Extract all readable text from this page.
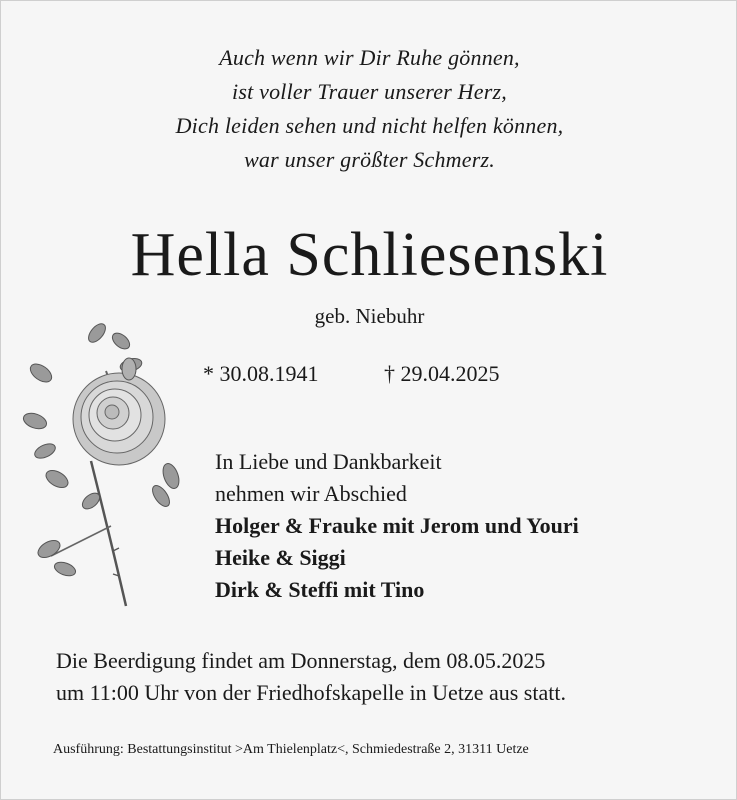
Auch wenn wir Dir Ruhe gönnen,
ist voller Trauer unserer Herz,
Dich leiden sehen und nicht helfen können,
war unser größter Schmerz.
Hella Schliesenski
geb. Niebuhr
* 30.08.1941	† 29.04.2025
In Liebe und Dankbarkeit
nehmen wir Abschied
Holger & Frauke mit Jerom und Youri
Heike & Siggi
Dirk & Steffi mit Tino
Die Beerdigung findet am Donnerstag, dem 08.05.2025
um 11:00 Uhr von der Friedhofskapelle in Uetze aus statt.
Ausführung: Bestattungsinstitut >Am Thielenplatz<, Schmiedestraße 2, 31311 Uetze
